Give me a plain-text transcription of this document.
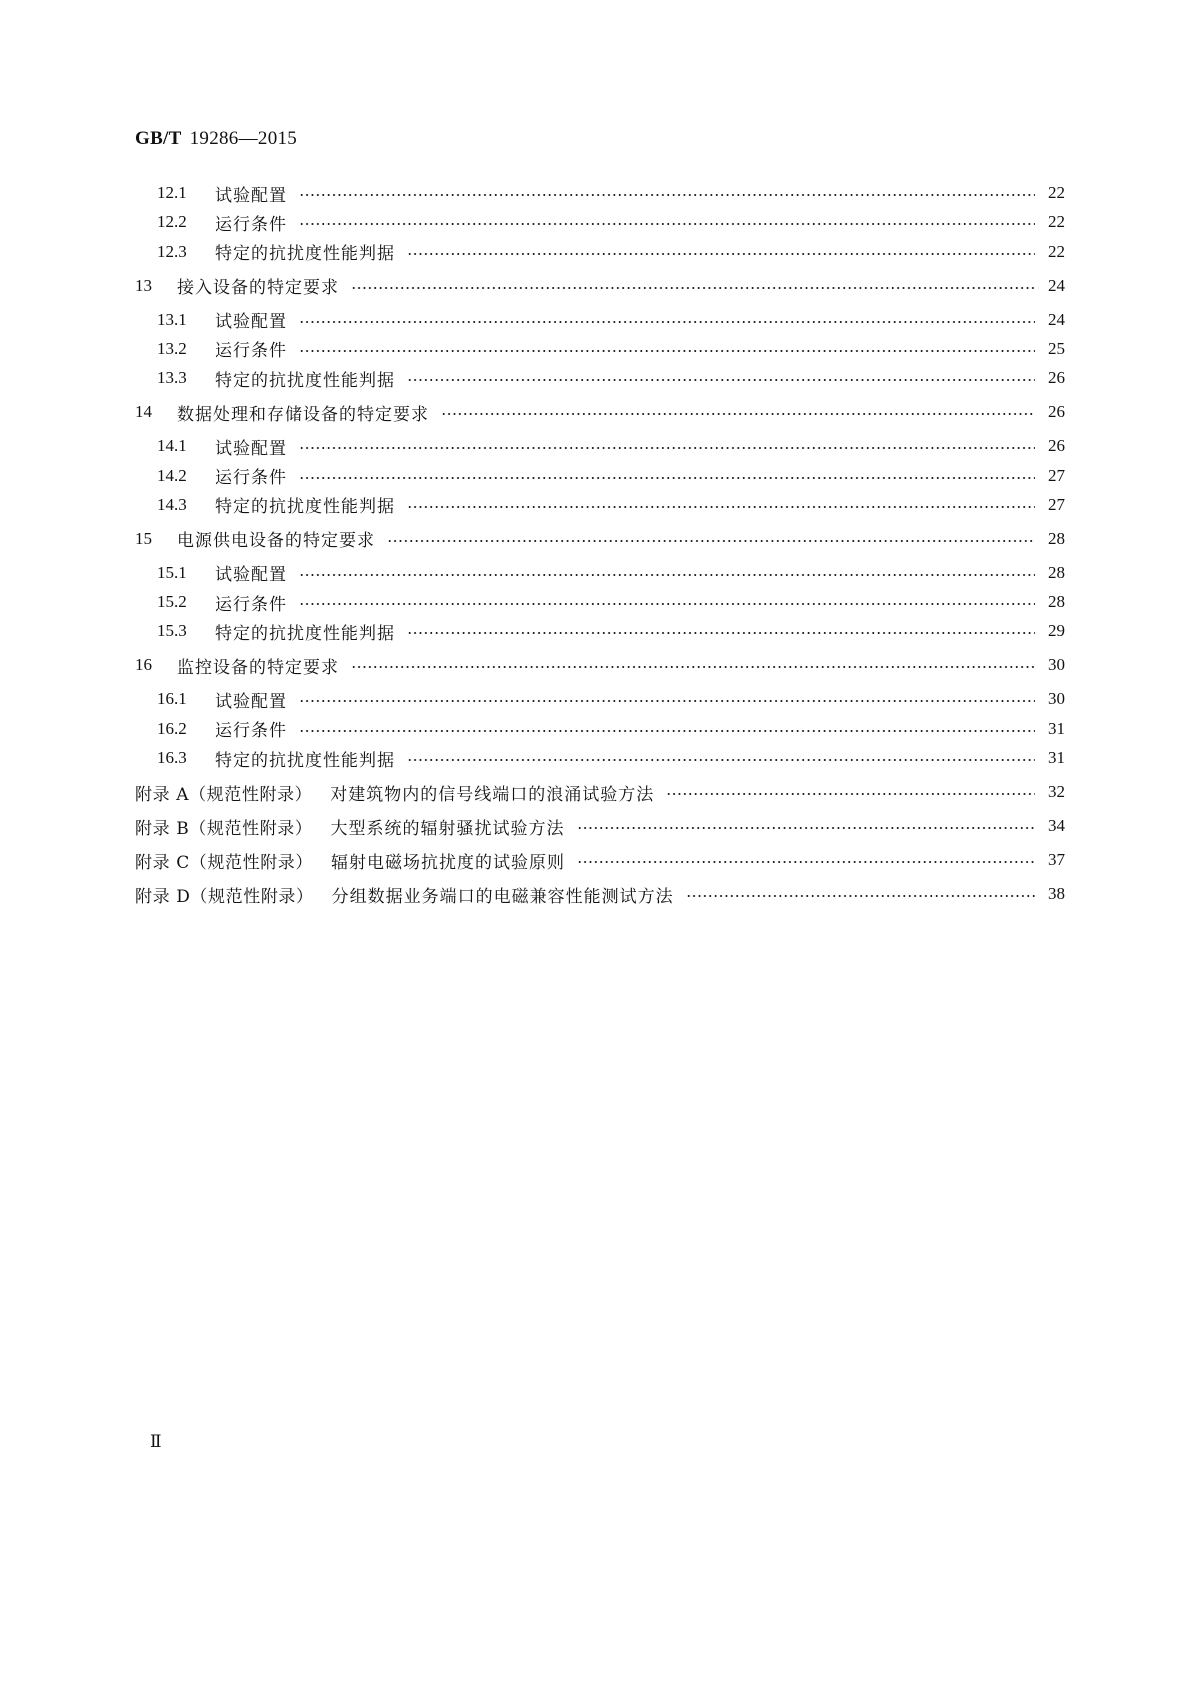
GB/T 19286—2015
12.1	试验配置	22
12.2	运行条件	22
12.3	特定的抗扰度性能判据	22
13	接入设备的特定要求	24
13.1	试验配置	24
13.2	运行条件	25
13.3	特定的抗扰度性能判据	26
14	数据处理和存储设备的特定要求	26
14.1	试验配置	26
14.2	运行条件	27
14.3	特定的抗扰度性能判据	27
15	电源供电设备的特定要求	28
15.1	试验配置	28
15.2	运行条件	28
15.3	特定的抗扰度性能判据	29
16	监控设备的特定要求	30
16.1	试验配置	30
16.2	运行条件	31
16.3	特定的抗扰度性能判据	31
附录 A（规范性附录） 对建筑物内的信号线端口的浪涌试验方法	32
附录 B（规范性附录） 大型系统的辐射骚扰试验方法	34
附录 C（规范性附录） 辐射电磁场抗扰度的试验原则	37
附录 D（规范性附录） 分组数据业务端口的电磁兼容性能测试方法	38
Ⅱ
